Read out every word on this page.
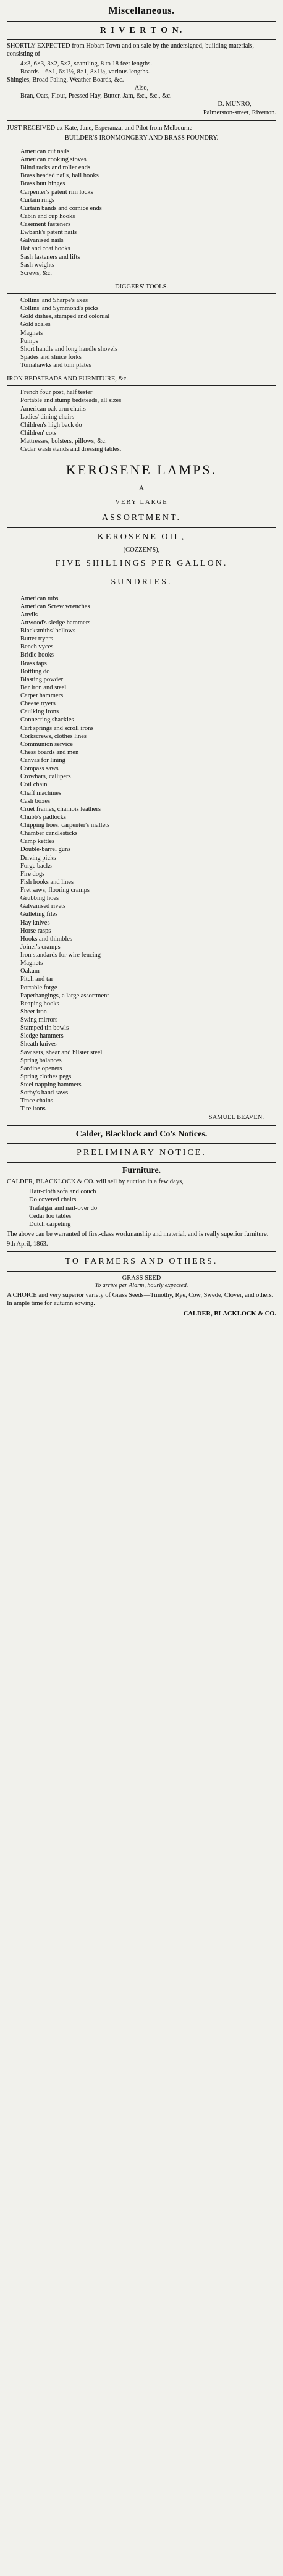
Miscellaneous.
R I V E R T O N.
SHORTLY EXPECTED from Hobart Town and on sale by the undersigned, building materials, consisting of—
4×3, 6×3, 3×2, 5×2, scantling, 8 to 18 feet lengths.
Boards—6×1, 6×1½, 8×1, 8×1½, various lengths.
Shingles, Broad Paling, Weather Boards, &c.
Also,
Bran, Oats, Flour, Pressed Hay, Butter, Jam, &c., &c., &c.
D. MUNRO,
Palmerston-street, Riverton.
JUST RECEIVED ex Kate, Jane, Esperanza, and Pilot from Melbourne —
BUILDER'S IRONMONGERY AND BRASS FOUNDRY.
American cut nails
American cooking stoves
Blind racks and roller ends
Brass headed nails, ball hooks
Brass butt hinges
Carpenter's patent rim locks
Curtain rings
Curtain bands and cornice ends
Cabin and cup hooks
Casement fasteners
Ewbank's patent nails
Galvanised nails
Hat and coat hooks
Sash fasteners and lifts
Sash weights
Screws, &c.
DIGGERS' TOOLS.
Collins' and Sharpe's axes
Collins' and Symmond's picks
Gold dishes, stamped and colonial
Gold scales
Magnets
Pumps
Short handle and long handle shovels
Spades and sluice forks
Tomahawks and tom plates
IRON BEDSTEADS AND FURNITURE, &c.
French four post, half tester
Portable and stump bedsteads, all sizes
American oak arm chairs
Ladies' dining chairs
Children's high back do
Children' cots
Mattresses, bolsters, pillows, &c.
Cedar wash stands and dressing tables.
KEROSENE LAMPS.
A
VERY LARGE
ASSORTMENT.
KEROSENE OIL,
(COZZEN'S),
FIVE SHILLINGS PER GALLON.
SUNDRIES.
American tubs
American Screw wrenches
Anvils
Attwood's sledge hammers
Blacksmiths' bellows
Butter tryers
Bench vyces
Bridle hooks
Brass taps
Bottling do
Blasting powder
Bar iron and steel
Carpet hammers
Cheese tryers
Caulking irons
Connecting shackles
Cart springs and scroll irons
Corkscrews, clothes lines
Communion service
Chess boards and men
Canvas for lining
Compass saws
Crowbars, callipers
Coil chain
Chaff machines
Cash boxes
Cruet frames, chamois leathers
Chubb's padlocks
Chipping hoes, carpenter's mallets
Chamber candlesticks
Camp kettles
Double-barrel guns
Driving picks
Forge backs
Fire dogs
Fish hooks and lines
Fret saws, flooring cramps
Grubbing hoes
Galvanised rivets
Gulleting files
Hay knives
Horse rasps
Hooks and thimbles
Joiner's cramps
Iron standards for wire fencing
Magnets
Oakum
Pitch and tar
Portable forge
Paperhangings, a large assortment
Reaping hooks
Sheet iron
Swing mirrors
Stamped tin bowls
Sledge hammers
Sheath knives
Saw sets, shear and blister steel
Spring balances
Sardine openers
Spring clothes pegs
Steel napping hammers
Sorby's hand saws
Trace chains
Tire irons
SAMUEL BEAVEN.
Calder, Blacklock and Co's Notices.
PRELIMINARY NOTICE.
Furniture.
CALDER, BLACKLOCK & CO. will sell by auction in a few days,
Hair-cloth sofa and couch
Do covered chairs
Trafalgar and nail-over do
Cedar loo tables
Dutch carpeting
The above can be warranted of first-class workmanship and material, and is really superior furniture.
9th April, 1863.
TO FARMERS AND OTHERS.
GRASS SEED
To arrive per Alarm, hourly expected.
A CHOICE and very superior variety of Grass Seeds—Timothy, Rye, Cow, Swede, Clover, and others. In ample time for autumn sowing.
CALDER, BLACKLOCK & CO.
